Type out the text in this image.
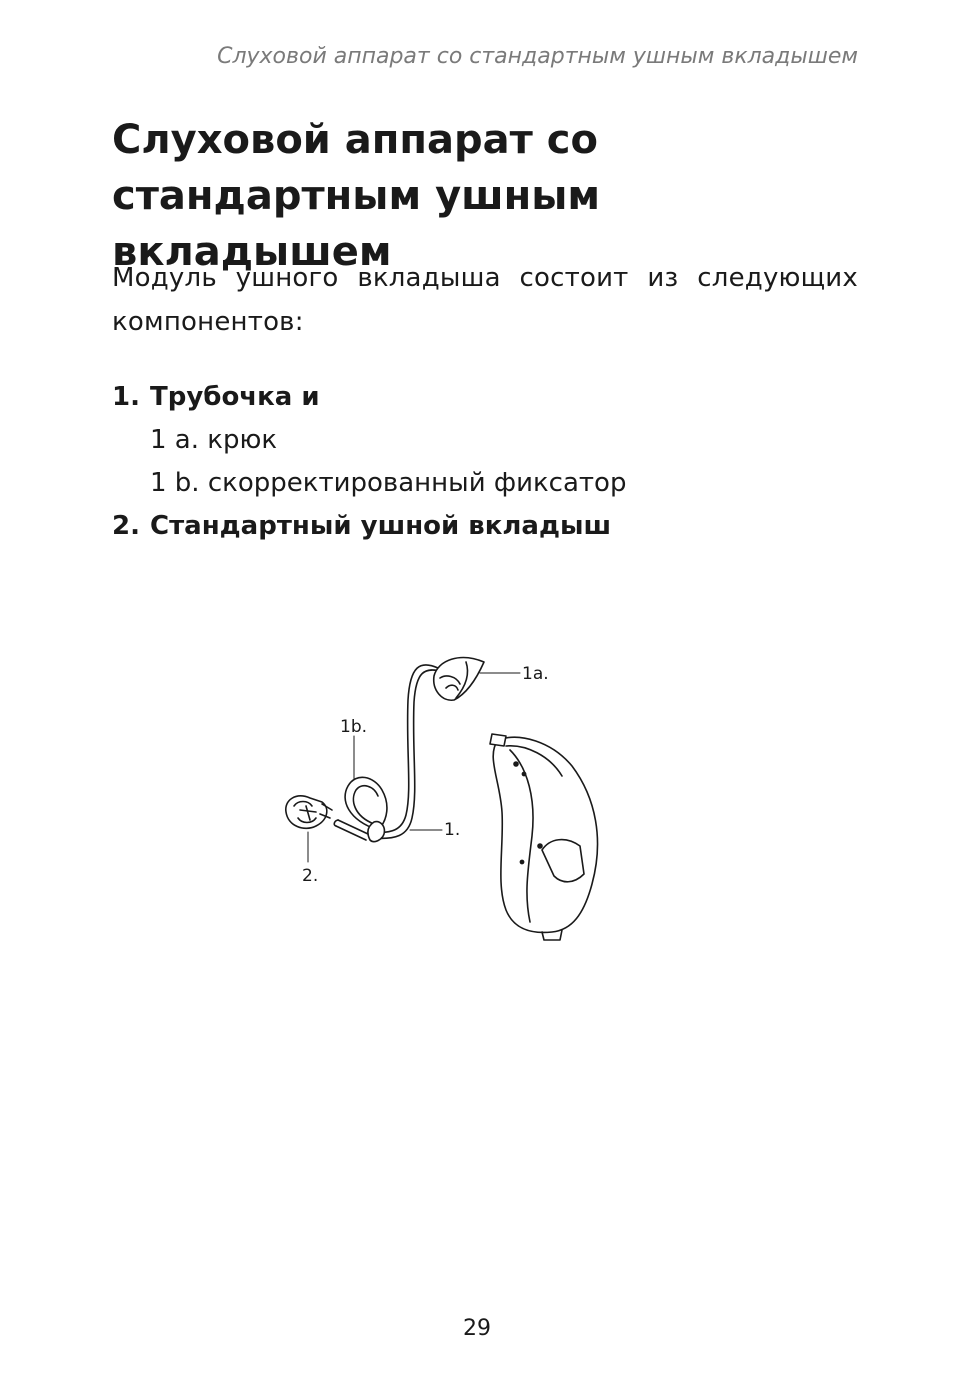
Слуховой аппарат со стандартным ушным вкладышем
Слуховой аппарат со стандартным ушным вкладышем

Модуль ушного вкладыша состоит из следующих компонентов:

1. Трубочка и
1 a. крюк
1 b. скорректированный фиксатор
2. Стандартный ушной вкладыш
1a.
1b.
1.
2.
29
